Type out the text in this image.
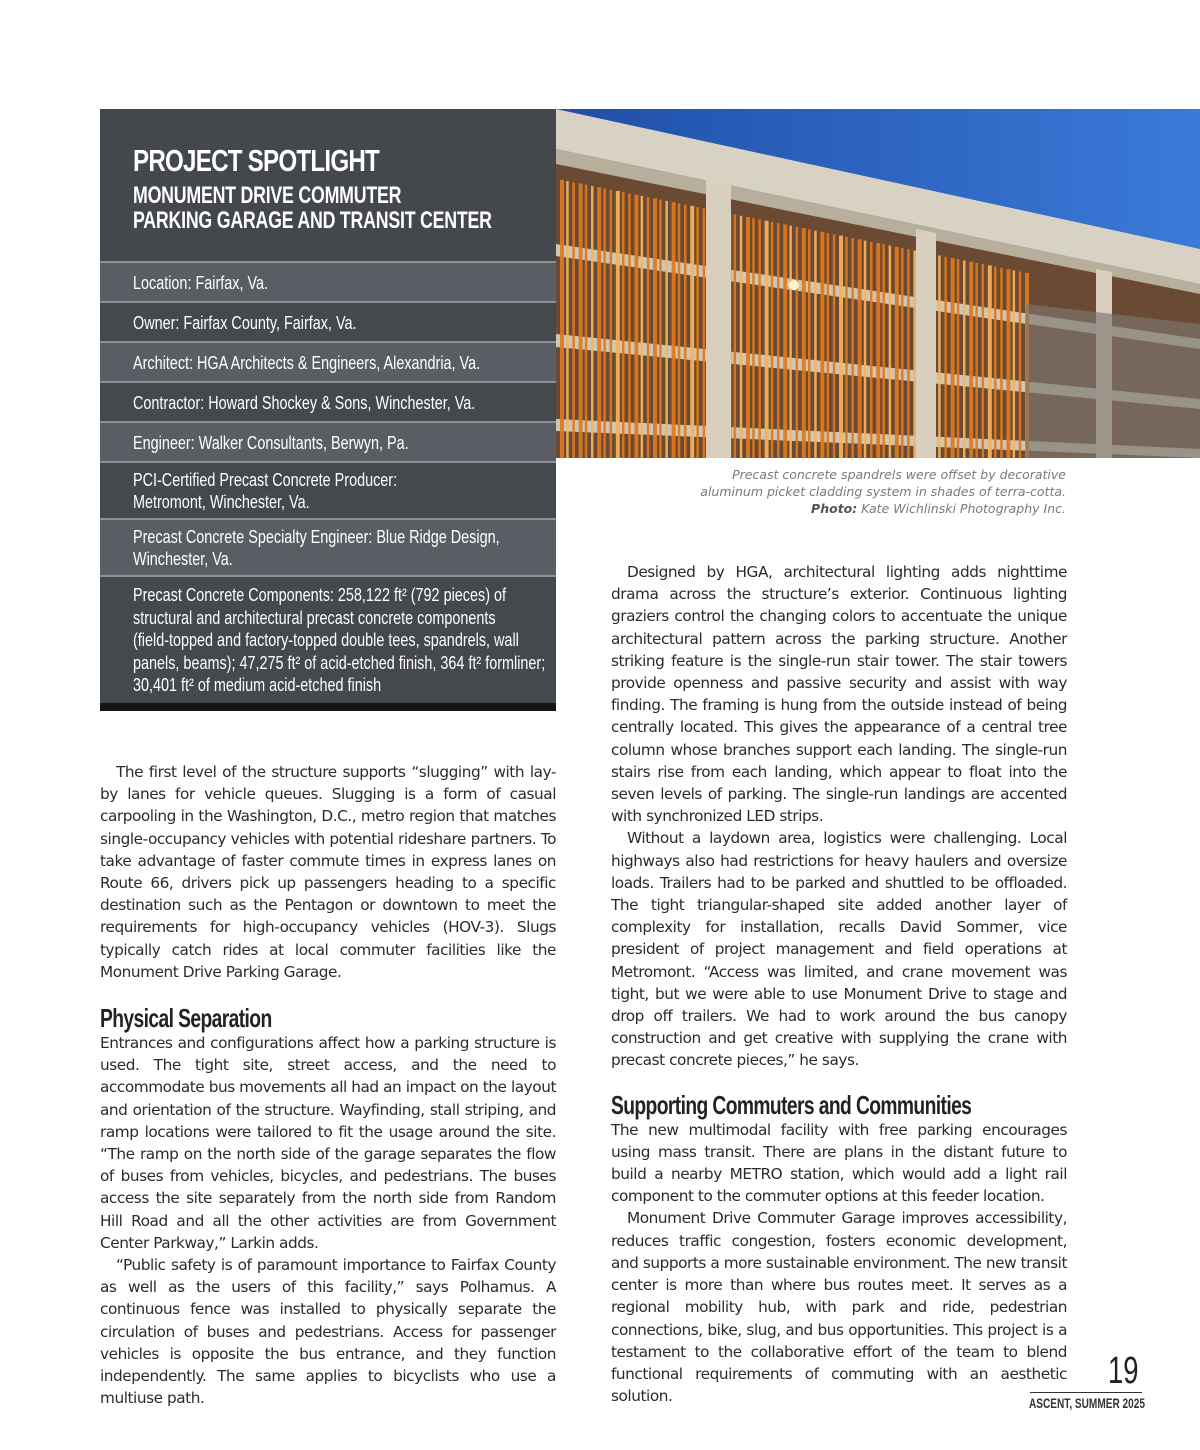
PROJECT SPOTLIGHT
MONUMENT DRIVE COMMUTER
PARKING GARAGE AND TRANSIT CENTER
Location: Fairfax, Va.
Owner: Fairfax County, Fairfax, Va.
Architect: HGA Architects & Engineers, Alexandria, Va.
Contractor: Howard Shockey & Sons, Winchester, Va.
Engineer: Walker Consultants, Berwyn, Pa.
PCI-Certified Precast Concrete Producer:
Metromont, Winchester, Va.
Precast Concrete Specialty Engineer: Blue Ridge Design,
Winchester, Va.
Precast Concrete Components: 258,122 ft² (792 pieces) of
structural and architectural precast concrete components
(field-topped and factory-topped double tees, spandrels, wall
panels, beams); 47,275 ft² of acid-etched finish, 364 ft² formliner;
30,401 ft² of medium acid-etched finish
Precast concrete spandrels were offset by decorative
aluminum picket cladding system in shades of terra-cotta.
Photo: Kate Wichlinski Photography Inc.

The first level of the structure supports “slugging” with lay-by lanes for vehicle queues. Slugging is a form of casual carpooling in the Washington, D.C., metro region that matches single-occupancy vehicles with potential rideshare partners. To take advantage of faster commute times in express lanes on Route 66, drivers pick up passengers heading to a specific destination such as the Pentagon or downtown to meet the requirements for high-occupancy vehicles (HOV-3). Slugs typically catch rides at local commuter facilities like the Monument Drive Parking Garage.

Physical Separation

Entrances and configurations affect how a parking structure is used. The tight site, street access, and the need to accommodate bus movements all had an impact on the layout and orientation of the structure. Wayfinding, stall striping, and ramp locations were tailored to fit the usage around the site. “The ramp on the north side of the garage separates the flow of buses from vehicles, bicycles, and pedestrians. The buses access the site separately from the north side from Random Hill Road and all the other activities are from Government Center Parkway,” Larkin adds.

“Public safety is of paramount importance to Fairfax County as well as the users of this facility,” says Polhamus. A continuous fence was installed to physically separate the circulation of buses and pedestrians. Access for passenger vehicles is opposite the bus entrance, and they function independently. The same applies to bicyclists who use a multiuse path.

Designed by HGA, architectural lighting adds nighttime drama across the structure’s exterior. Continuous lighting graziers control the changing colors to accentuate the unique architectural pattern across the parking structure. Another striking feature is the single-run stair tower. The stair towers provide openness and passive security and assist with way finding. The framing is hung from the outside instead of being centrally located. This gives the appearance of a central tree column whose branches support each landing. The single-run stairs rise from each landing, which appear to float into the seven levels of parking. The single-run landings are accented with synchronized LED strips.

Without a laydown area, logistics were challenging. Local highways also had restrictions for heavy haulers and oversize loads. Trailers had to be parked and shuttled to be offloaded. The tight triangular-shaped site added another layer of complexity for installation, recalls David Sommer, vice president of project management and field operations at Metromont. “Access was limited, and crane movement was tight, but we were able to use Monument Drive to stage and drop off trailers. We had to work around the bus canopy construction and get creative with supplying the crane with precast concrete pieces,” he says.

Supporting Commuters and Communities

The new multimodal facility with free parking encourages using mass transit. There are plans in the distant future to build a nearby METRO station, which would add a light rail component to the commuter options at this feeder location.

Monument Drive Commuter Garage improves accessibility, reduces traffic congestion, fosters economic development, and supports a more sustainable environment. The new transit center is more than where bus routes meet. It serves as a regional mobility hub, with park and ride, pedestrian connections, bike, slug, and bus opportunities. This project is a testament to the collaborative effort of the team to blend functional requirements of commuting with an aesthetic solution.

19
ASCENT, SUMMER 2025
